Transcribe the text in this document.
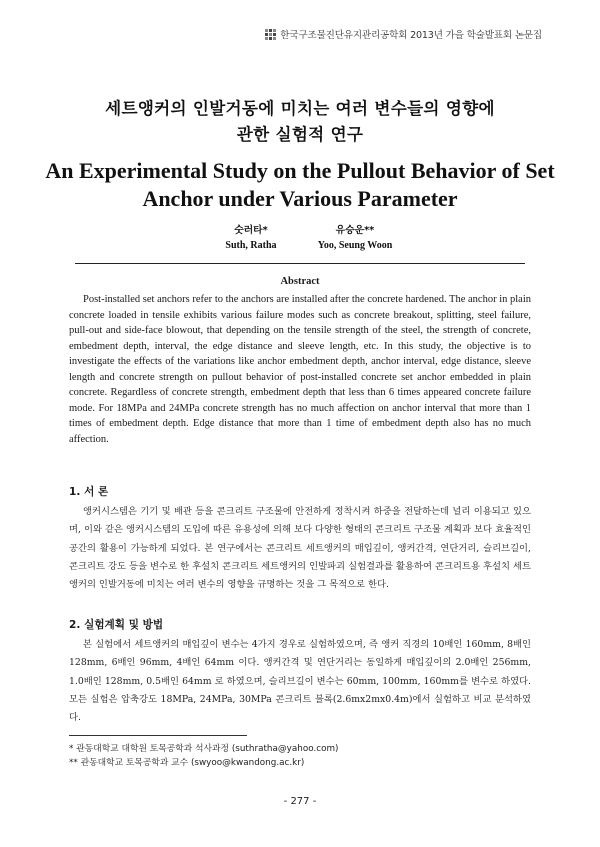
한국구조물진단유지관리공학회 2013년 가을 학술발표회 논문집
세트앵커의 인발거동에 미치는 여러 변수들의 영향에
관한 실험적 연구
An Experimental Study on the Pullout Behavior of Set
Anchor under Various Parameter
숫러타*
Suth, Ratha
유승운**
Yoo, Seung Woon
Abstract
Post-installed set anchors refer to the anchors are installed after the concrete hardened. The anchor in plain concrete loaded in tensile exhibits various failure modes such as concrete breakout, splitting, steel failure, pull-out and side-face blowout, that depending on the tensile strength of the steel, the strength of concrete, embedment depth, interval, the edge distance and sleeve length, etc. In this study, the objective is to investigate the effects of the variations like anchor embedment depth, anchor interval, edge distance, sleeve length and concrete strength on pullout behavior of post-installed concrete set anchor embedded in plain concrete. Regardless of concrete strength, embedment depth that less than 6 times appeared concrete failure mode. For 18MPa and 24MPa concrete strength has no much affection on anchor interval that more than 1 times of embedment depth. Edge distance that more than 1 time of embedment depth also has no much affection.
1. 서 론
앵커시스템은 기기 및 배관 등을 콘크리트 구조물에 안전하게 정착시켜 하중을 전달하는데 널리 이용되고 있으며, 이와 같은 앵커시스템의 도입에 따른 유용성에 의해 보다 다양한 형태의 콘크리트 구조물 계획과 보다 효율적인 공간의 활용이 가능하게 되었다. 본 연구에서는 콘크리트 세트앵커의 매입깊이, 앵커간격, 연단거리, 슬리브길이, 콘크리트 강도 등을 변수로 한 후설치 콘크리트 세트앵커의 인발파괴 실험결과를 활용하여 콘크리트용 후설치 세트앵커의 인발거동에 미치는 여러 변수의 영향을 규명하는 것을 그 목적으로 한다.
2. 실험계획 및 방법
본 실험에서 세트앵커의 매입깊이 변수는 4가지 경우로 실험하였으며, 즉 앵커 직경의 10배인 160mm, 8배인 128mm, 6배인 96mm, 4배인 64mm 이다. 앵커간격 및 연단거리는 동일하게 매입깊이의 2.0배인 256mm, 1.0배인 128mm, 0.5배인 64mm 로 하였으며, 슬리브길이 변수는 60mm, 100mm, 160mm를 변수로 하였다. 모든 실험은 압축강도 18MPa, 24MPa, 30MPa 콘크리트 블록(2.6mx2mx0.4m)에서 실험하고 비교 분석하였다.
* 관동대학교 대학원 토목공학과 석사과정 (suthratha@yahoo.com)
** 관동대학교 토목공학과 교수 (swyoo@kwandong.ac.kr)
- 277 -
